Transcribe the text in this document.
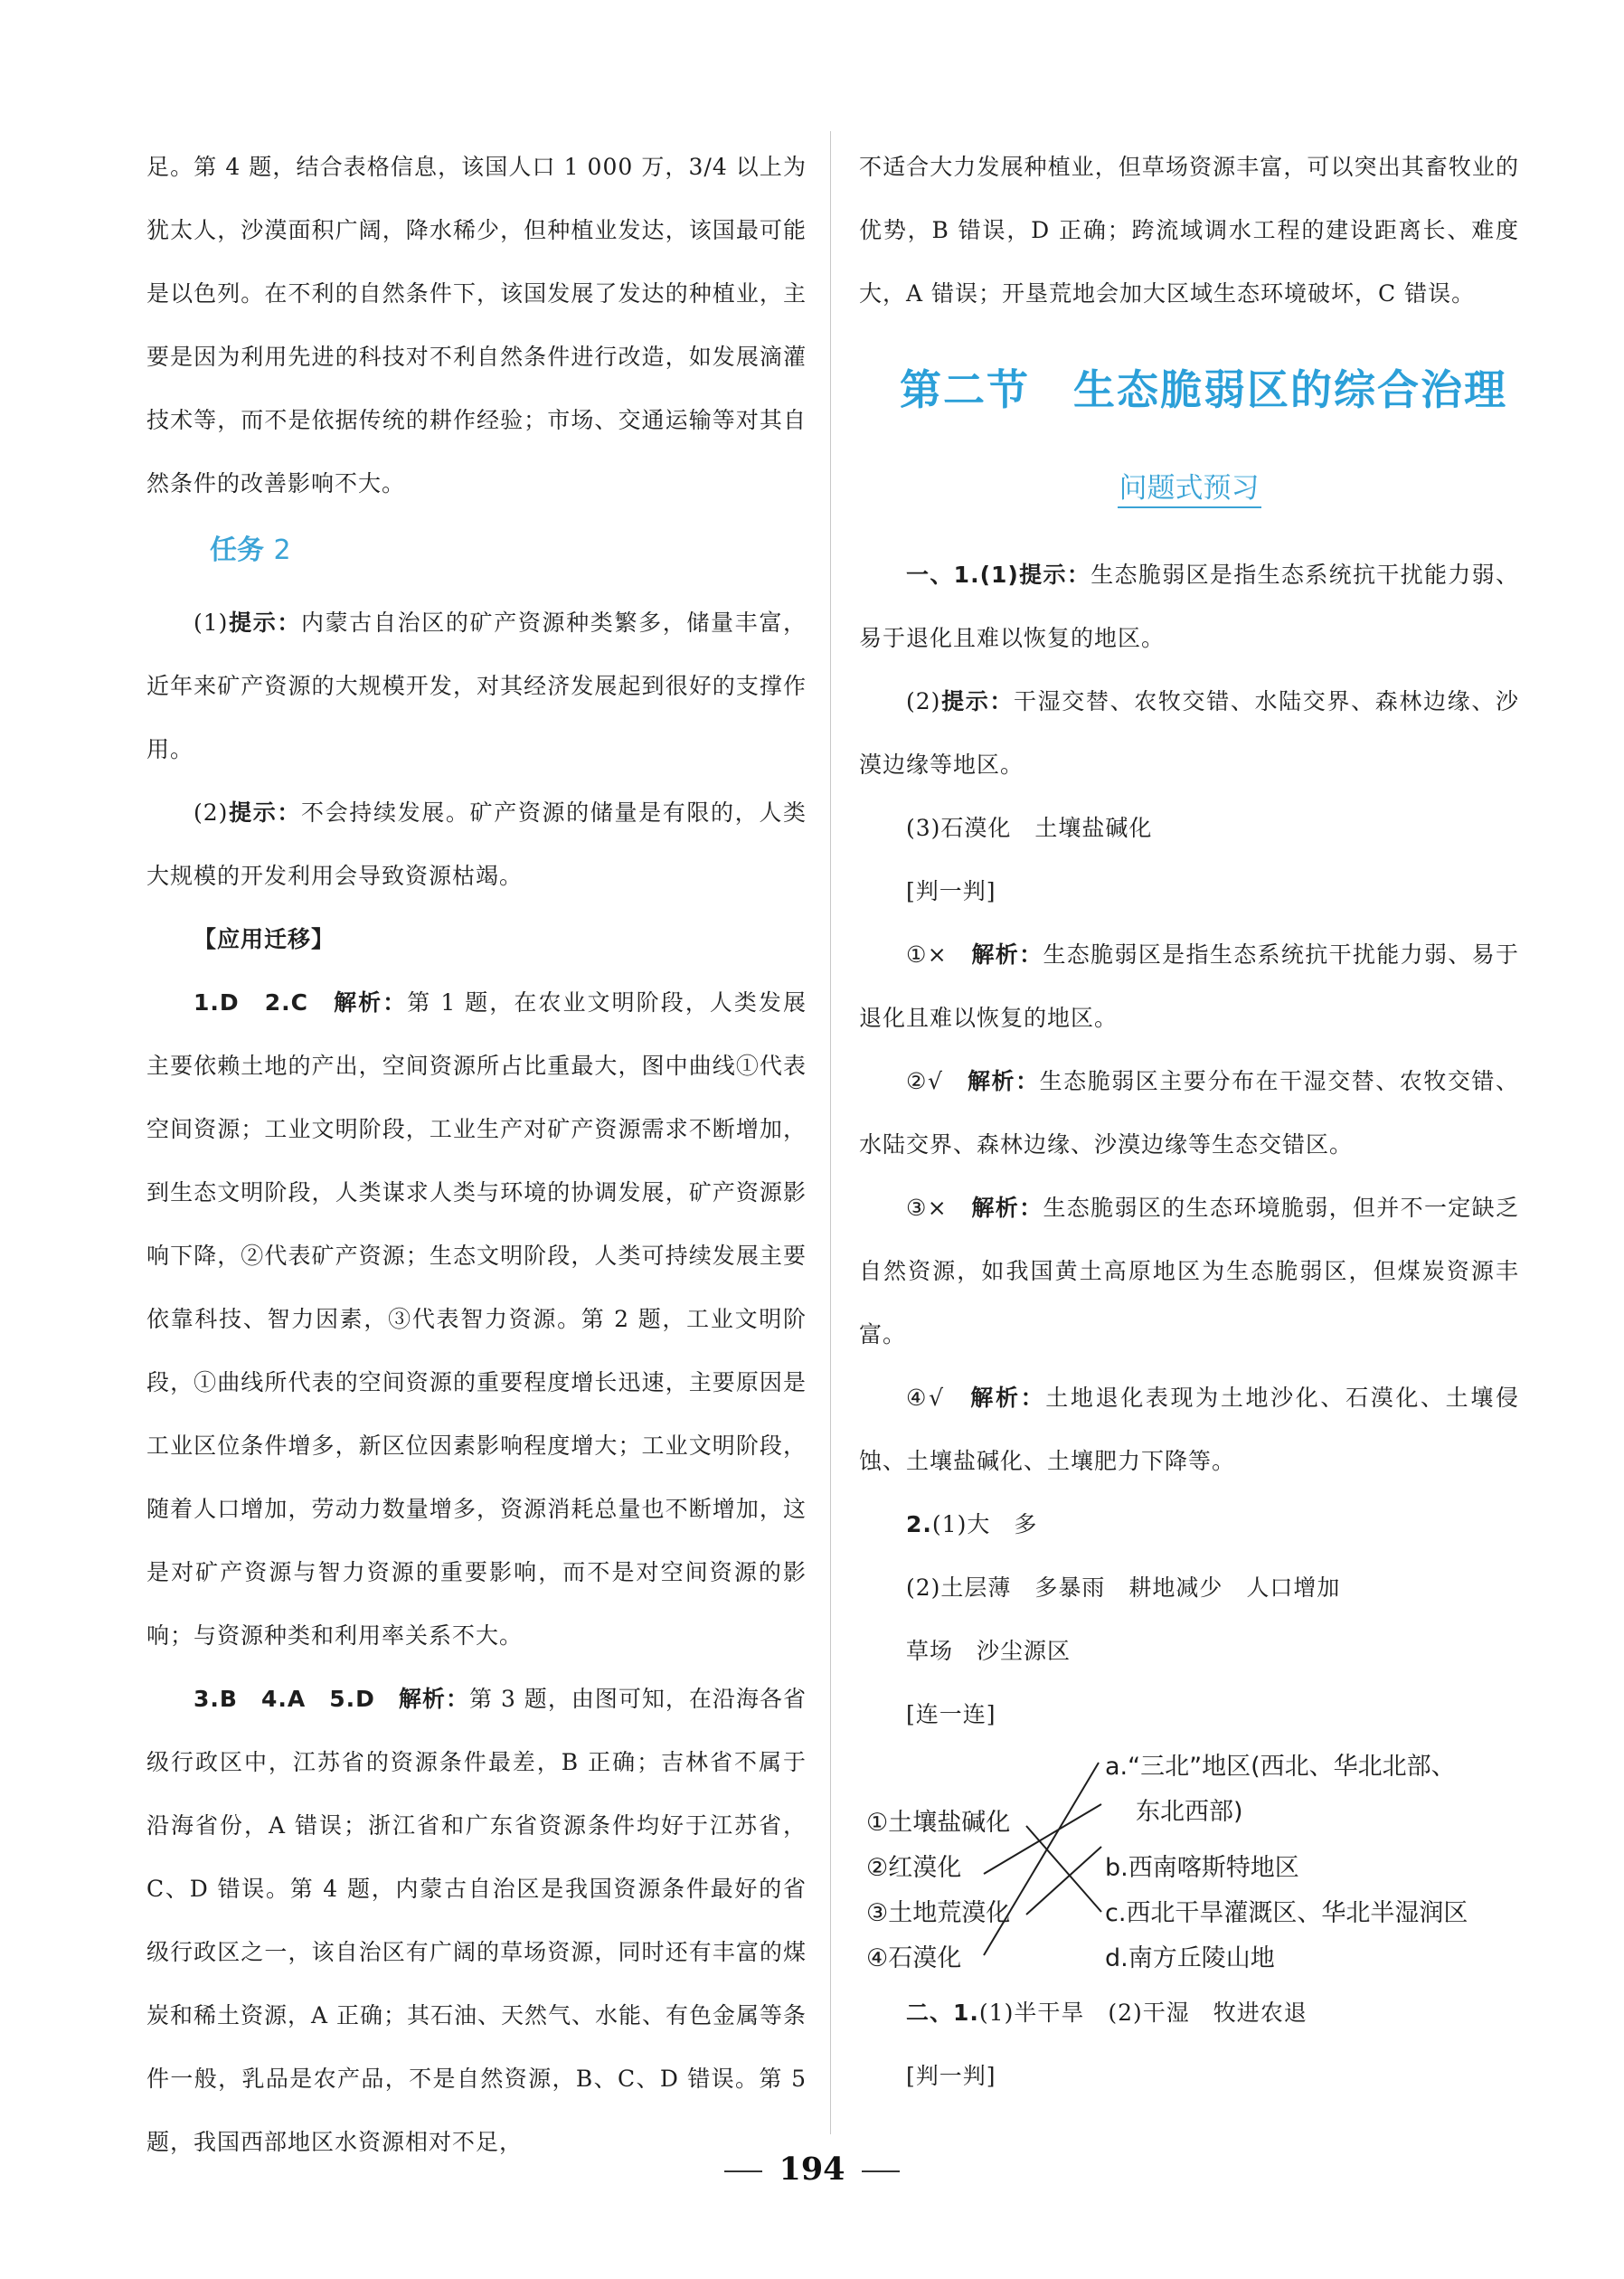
足。第 4 题，结合表格信息，该国人口 1 000 万，3/4 以上为犹太人，沙漠面积广阔，降水稀少，但种植业发达，该国最可能是以色列。在不利的自然条件下，该国发展了发达的种植业，主要是因为利用先进的科技对不利自然条件进行改造，如发展滴灌技术等，而不是依据传统的耕作经验；市场、交通运输等对其自然条件的改善影响不大。

任务 2

(1)提示：内蒙古自治区的矿产资源种类繁多，储量丰富，近年来矿产资源的大规模开发，对其经济发展起到很好的支撑作用。

(2)提示：不会持续发展。矿产资源的储量是有限的，人类大规模的开发利用会导致资源枯竭。

【应用迁移】

1.D　2.C　解析：第 1 题，在农业文明阶段，人类发展主要依赖土地的产出，空间资源所占比重最大，图中曲线①代表空间资源；工业文明阶段，工业生产对矿产资源需求不断增加，到生态文明阶段，人类谋求人类与环境的协调发展，矿产资源影响下降，②代表矿产资源；生态文明阶段，人类可持续发展主要依靠科技、智力因素，③代表智力资源。第 2 题，工业文明阶段，①曲线所代表的空间资源的重要程度增长迅速，主要原因是工业区位条件增多，新区位因素影响程度增大；工业文明阶段，随着人口增加，劳动力数量增多，资源消耗总量也不断增加，这是对矿产资源与智力资源的重要影响，而不是对空间资源的影响；与资源种类和利用率关系不大。

3.B　4.A　5.D　解析：第 3 题，由图可知，在沿海各省级行政区中，江苏省的资源条件最差，B 正确；吉林省不属于沿海省份，A 错误；浙江省和广东省资源条件均好于江苏省，C、D 错误。第 4 题，内蒙古自治区是我国资源条件最好的省级行政区之一，该自治区有广阔的草场资源，同时还有丰富的煤炭和稀土资源，A 正确；其石油、天然气、水能、有色金属等条件一般，乳品是农产品，不是自然资源，B、C、D 错误。第 5 题，我国西部地区水资源相对不足，

不适合大力发展种植业，但草场资源丰富，可以突出其畜牧业的优势，B 错误，D 正确；跨流域调水工程的建设距离长、难度大，A 错误；开垦荒地会加大区域生态环境破坏，C 错误。

第二节 生态脆弱区的综合治理
问题式预习

一、1.(1)提示：生态脆弱区是指生态系统抗干扰能力弱、易于退化且难以恢复的地区。

(2)提示：干湿交替、农牧交错、水陆交界、森林边缘、沙漠边缘等地区。

(3)石漠化　土壤盐碱化

[判一判]

①×　解析：生态脆弱区是指生态系统抗干扰能力弱、易于退化且难以恢复的地区。

②√　解析：生态脆弱区主要分布在干湿交替、农牧交错、水陆交界、森林边缘、沙漠边缘等生态交错区。

③×　解析：生态脆弱区的生态环境脆弱，但并不一定缺乏自然资源，如我国黄土高原地区为生态脆弱区，但煤炭资源丰富。

④√　解析：土地退化表现为土地沙化、石漠化、土壤侵蚀、土壤盐碱化、土壤肥力下降等。

2.(1)大　多

(2)土层薄　多暴雨　耕地减少　人口增加

草场　沙尘源区

[连一连]

①土壤盐碱化
②红漠化
③土地荒漠化
④石漠化
a.“三北”地区(西北、华北北部、
东北西部)
b.西南喀斯特地区
c.西北干旱灌溉区、华北半湿润区
d.南方丘陵山地

二、1.(1)半干旱　(2)干湿　牧进农退

[判一判]

194
